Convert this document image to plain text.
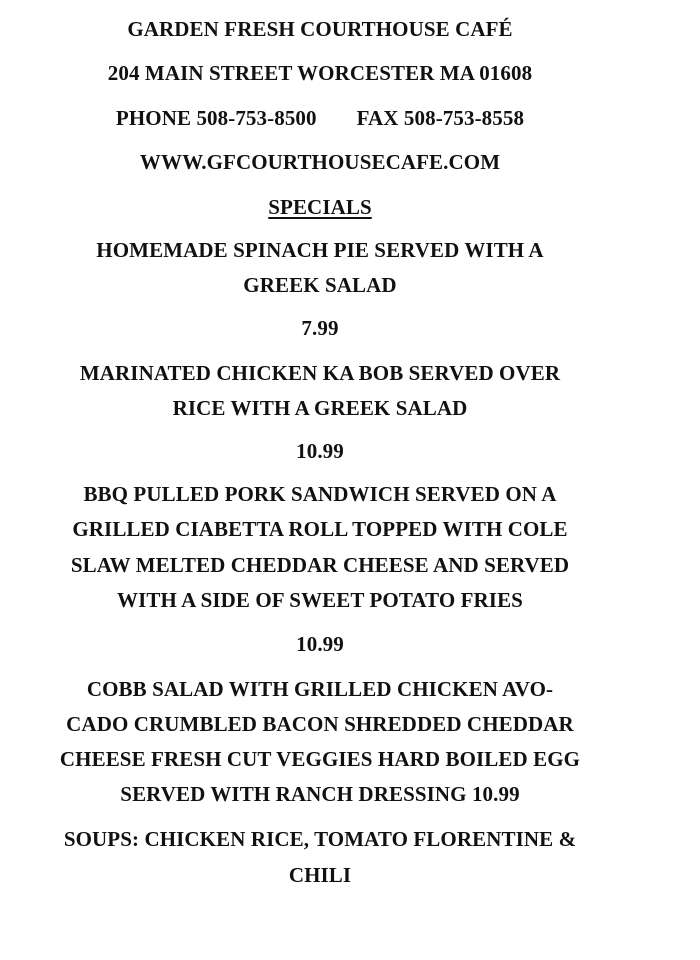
GARDEN FRESH COURTHOUSE CAFÉ
204 MAIN STREET WORCESTER MA 01608
PHONE 508-753-8500 FAX 508-753-8558
WWW.GFCOURTHOUSECAFE.COM
SPECIALS
HOMEMADE SPINACH PIE SERVED WITH A
GREEK SALAD
7.99
MARINATED CHICKEN KA BOB SERVED OVER
RICE WITH A GREEK SALAD
10.99
BBQ PULLED PORK SANDWICH SERVED ON A
GRILLED CIABETTA ROLL TOPPED WITH COLE
SLAW MELTED CHEDDAR CHEESE AND SERVED
WITH A SIDE OF SWEET POTATO FRIES
10.99
COBB SALAD WITH GRILLED CHICKEN AVO-
CADO CRUMBLED BACON SHREDDED CHEDDAR
CHEESE FRESH CUT VEGGIES HARD BOILED EGG
SERVED WITH RANCH DRESSING 10.99
SOUPS: CHICKEN RICE, TOMATO FLORENTINE &
CHILI
